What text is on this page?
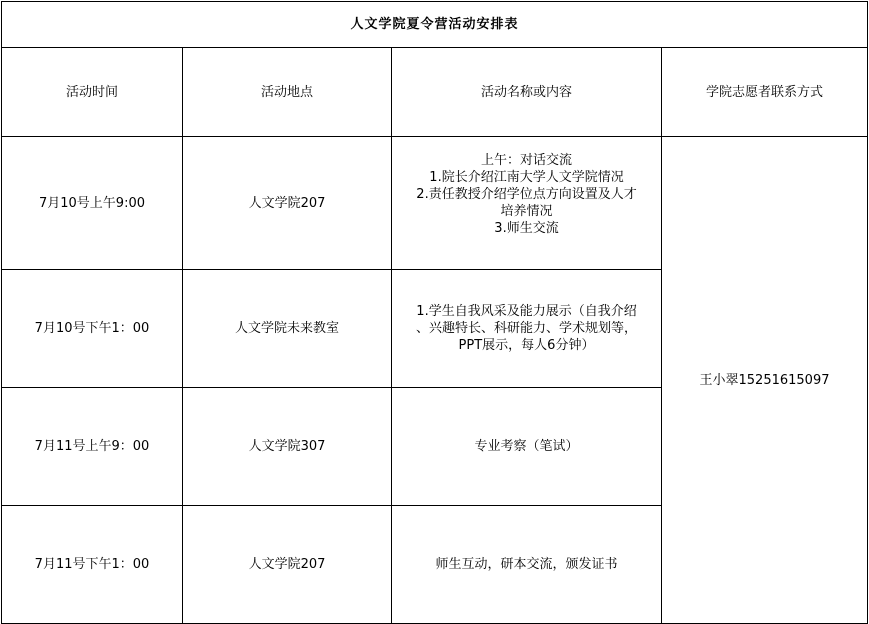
人文学院夏令营活动安排表			
活动时间	活动地点	活动名称或内容	学院志愿者联系方式
7月10号上午9:00	人文学院207	上午：对话交流
1.院长介绍江南大学人文学院情况
2.责任教授介绍学位点方向设置及人才
培养情况
3.师生交流	王小翠15251615097
7月10号下午1：00	人文学院未来教室	1.学生自我风采及能力展示（自我介绍
、兴趣特长、科研能力、学术规划等，
PPT展示，每人6分钟）	

7月11号上午9：00	人文学院307	专业考察（笔试）	

7月11号下午1：00	人文学院207	师生互动，研本交流，颁发证书	
